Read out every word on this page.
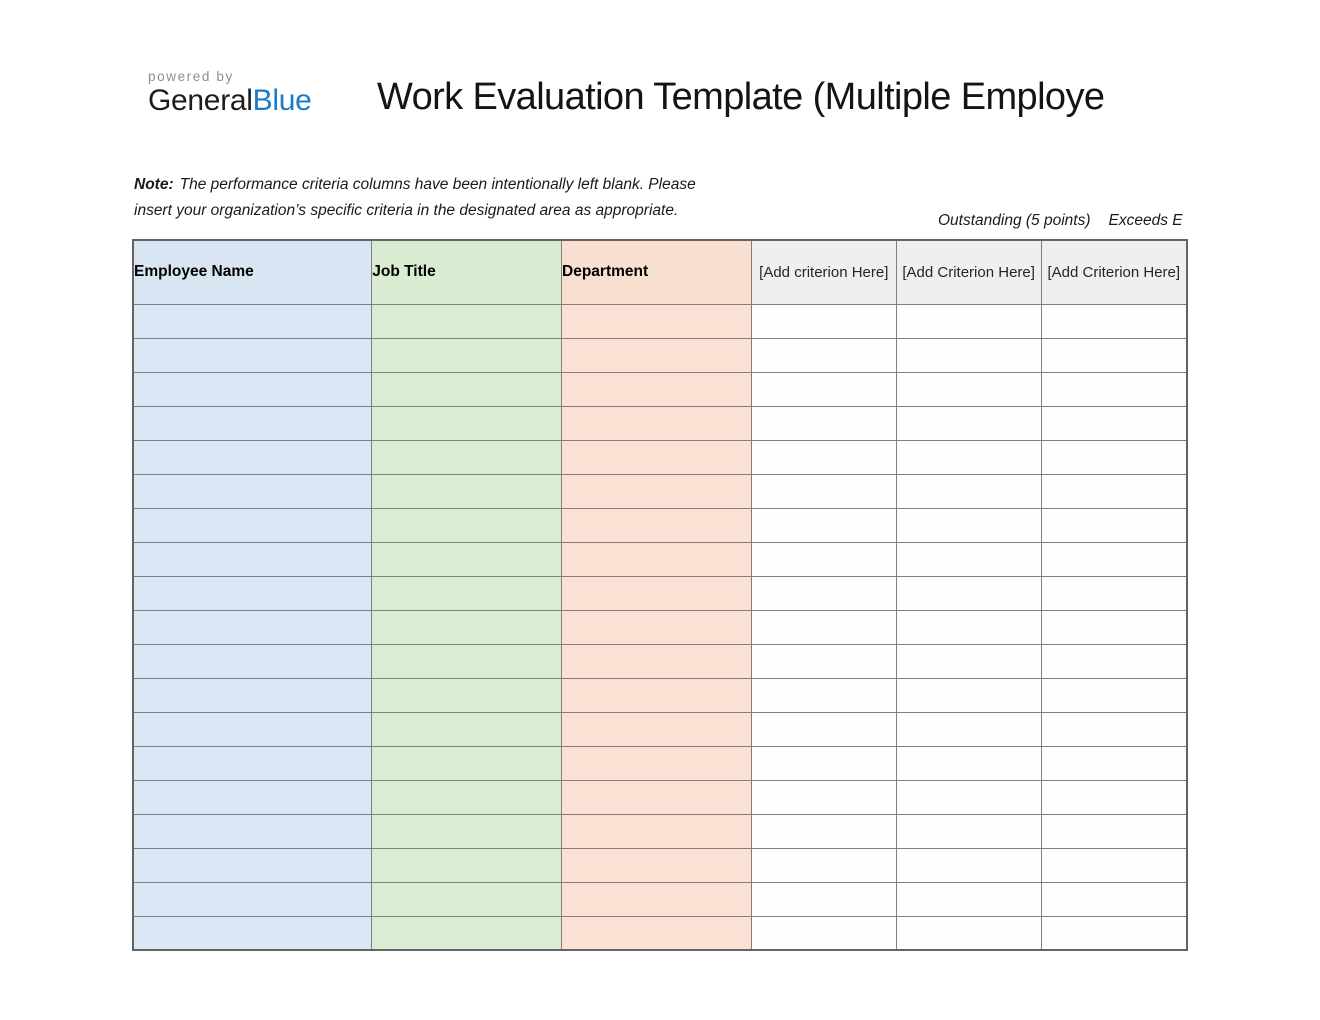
powered by
GeneralBlue Work Evaluation Template (Multiple Employe

Note: The performance criteria columns have been intentionally left blank. Please
insert your organization’s specific criteria in the designated area as appropriate.

Outstanding (5 points) Exceeds E
Employee Name	Job Title	Department	[Add criterion Here]	[Add Criterion Here]	[Add Criterion Here]
